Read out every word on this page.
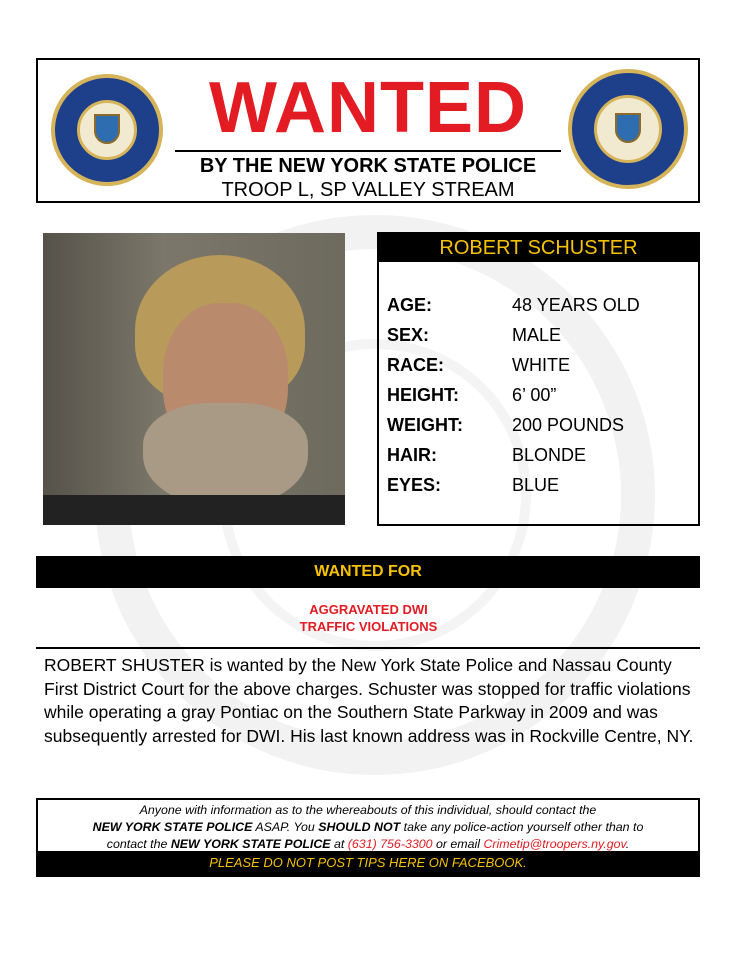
WANTED
BY THE NEW YORK STATE POLICE
TROOP L, SP VALLEY STREAM
ROBERT SCHUSTER
AGE:	48 YEARS OLD
SEX:	MALE
RACE:	WHITE
HEIGHT:	6’ 00”
WEIGHT:	200 POUNDS
HAIR:	BLONDE
EYES:	BLUE
WANTED FOR
AGGRAVATED DWI
TRAFFIC VIOLATIONS
ROBERT SHUSTER is wanted by the New York State Police and Nassau County First District Court for the above charges. Schuster was stopped for traffic violations while operating a gray Pontiac on the Southern State Parkway in 2009 and was subsequently arrested for DWI. His last known address was in Rockville Centre, NY.
Anyone with information as to the whereabouts of this individual, should contact the
NEW YORK STATE POLICE ASAP. You SHOULD NOT take any police-action yourself other than to
contact the NEW YORK STATE POLICE at (631) 756-3300 or email Crimetip@troopers.ny.gov.
PLEASE DO NOT POST TIPS HERE ON FACEBOOK.
